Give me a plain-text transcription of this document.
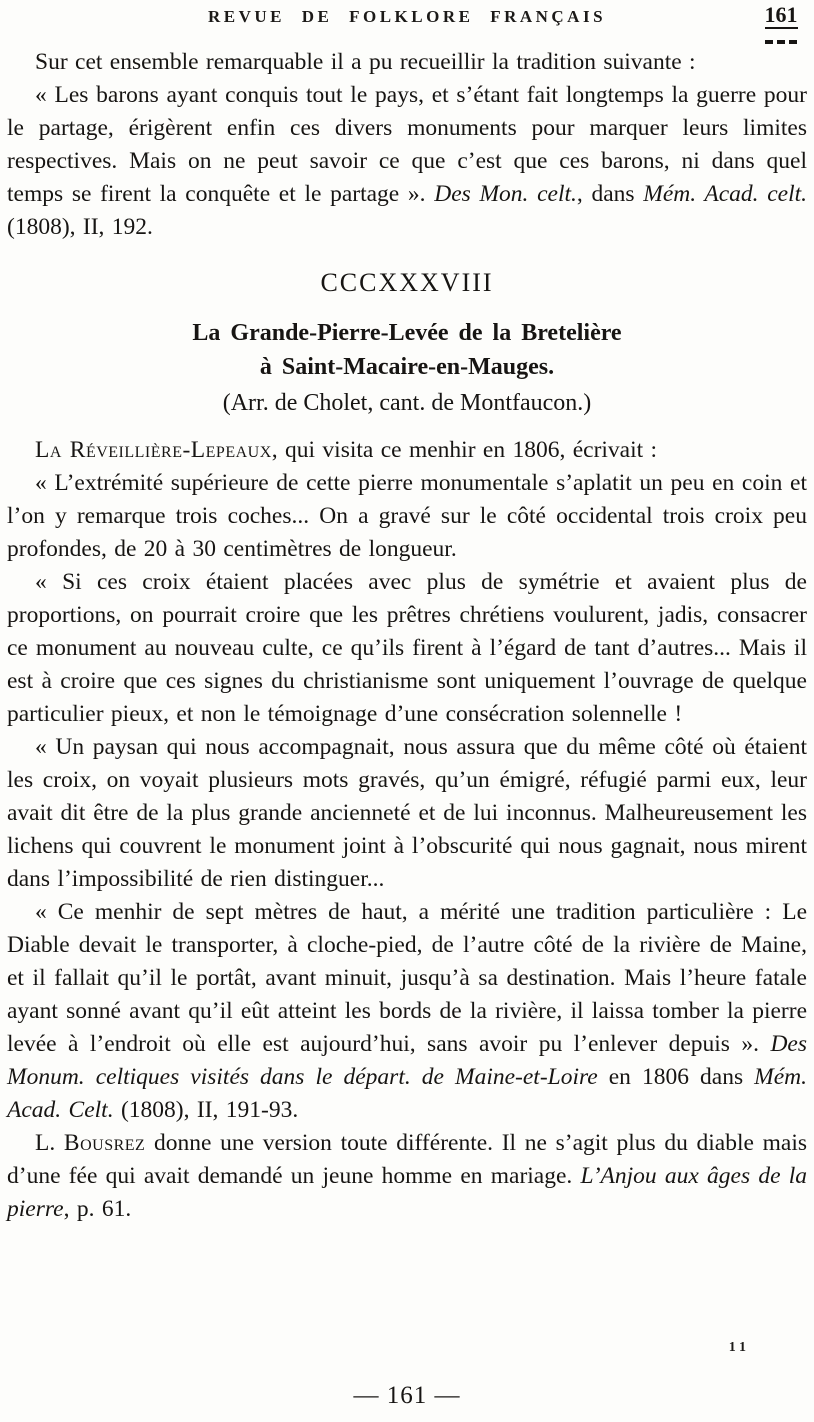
REVUE DE FOLKLORE FRANÇAIS	161

Sur cet ensemble remarquable il a pu recueillir la tradition suivante :

« Les barons ayant conquis tout le pays, et s’étant fait longtemps la guerre pour le partage, érigèrent enfin ces divers monuments pour marquer leurs limites respectives. Mais on ne peut savoir ce que c’est que ces barons, ni dans quel temps se firent la conquête et le partage ». Des Mon. celt., dans Mém. Acad. celt. (1808), II, 192.

CCCXXXVIII
La Grande-Pierre-Levée de la Bretelière
à Saint-Macaire-en-Mauges.
(Arr. de Cholet, cant. de Montfaucon.)

La Réveillière-Lepeaux, qui visita ce menhir en 1806, écrivait :

« L’extrémité supérieure de cette pierre monumentale s’aplatit un peu en coin et l’on y remarque trois coches... On a gravé sur le côté occidental trois croix peu profondes, de 20 à 30 centimètres de longueur.

« Si ces croix étaient placées avec plus de symétrie et avaient plus de proportions, on pourrait croire que les prêtres chrétiens voulurent, jadis, consacrer ce monument au nouveau culte, ce qu’ils firent à l’égard de tant d’autres... Mais il est à croire que ces signes du christianisme sont uniquement l’ouvrage de quelque particulier pieux, et non le témoignage d’une consécration solennelle !

« Un paysan qui nous accompagnait, nous assura que du même côté où étaient les croix, on voyait plusieurs mots gravés, qu’un émigré, réfugié parmi eux, leur avait dit être de la plus grande ancienneté et de lui inconnus. Malheureusement les lichens qui couvrent le monument joint à l’obscurité qui nous gagnait, nous mirent dans l’impossibilité de rien distinguer...

« Ce menhir de sept mètres de haut, a mérité une tradition particulière : Le Diable devait le transporter, à cloche-pied, de l’autre côté de la rivière de Maine, et il fallait qu’il le portât, avant minuit, jusqu’à sa destination. Mais l’heure fatale ayant sonné avant qu’il eût atteint les bords de la rivière, il laissa tomber la pierre levée à l’endroit où elle est aujourd’hui, sans avoir pu l’enlever depuis ». Des Monum. celtiques visités dans le départ. de Maine-et-Loire en 1806 dans Mém. Acad. Celt. (1808), II, 191-93.

L. Bousrez donne une version toute différente. Il ne s’agit plus du diable mais d’une fée qui avait demandé un jeune homme en mariage. L’Anjou aux âges de la pierre, p. 61.

11
— 161 —
